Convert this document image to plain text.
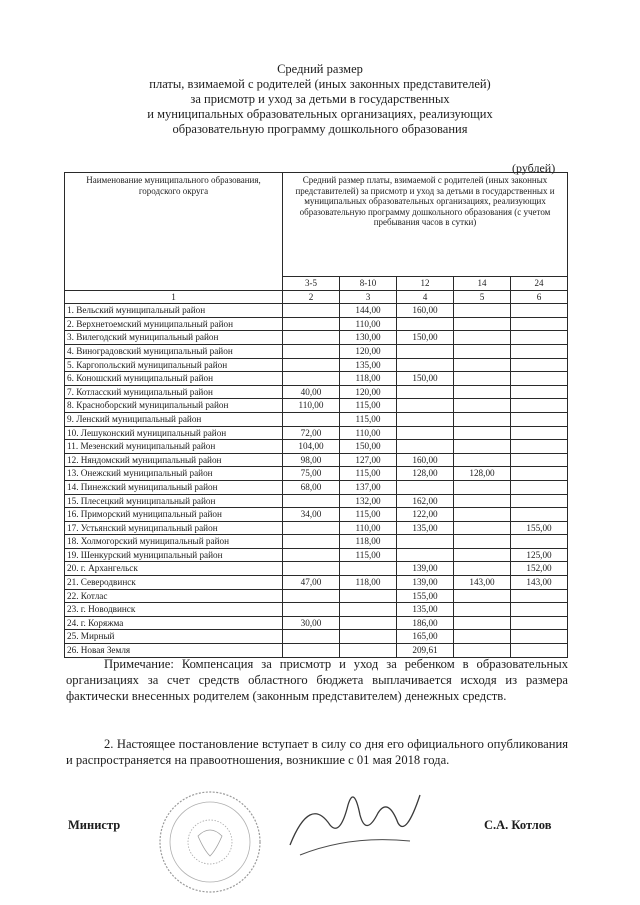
Средний размер
платы, взимаемой с родителей (иных законных представителей)
за присмотр и уход за детьми в государственных
и муниципальных образовательных организациях, реализующих
образовательную программу дошкольного образования
(рублей)
Наименование муниципального образования, городского округа	Средний размер платы, взимаемой с родителей (иных законных представителей) за присмотр и уход за детьми в государственных и муниципальных образовательных организациях, реализующих образовательную программу дошкольного образования (с учетом пребывания часов в сутки)				
	3-5	8-10	12	14	24
1	2	3	4	5	6
1. Вельский муниципальный район		144,00	160,00		
2. Верхнетоемский муниципальный район		110,00			
3. Вилегодский муниципальный район		130,00	150,00		
4. Виноградовский муниципальный район		120,00			
5. Каргопольский муниципальный район		135,00			
6. Коношский муниципальный район		118,00	150,00		
7. Котласский муниципальный район	40,00	120,00			
8. Красноборский муниципальный район	110,00	115,00			
9. Ленский муниципальный район		115,00			
10. Лешуконский муниципальный район	72,00	110,00			
11. Мезенский муниципальный район	104,00	150,00			
12. Няндомский муниципальный район	98,00	127,00	160,00		
13. Онежский муниципальный район	75,00	115,00	128,00	128,00	
14. Пинежский муниципальный район	68,00	137,00			
15. Плесецкий муниципальный район		132,00	162,00		
16. Приморский муниципальный район	34,00	115,00	122,00		
17. Устьянский муниципальный район		110,00	135,00		155,00
18. Холмогорский муниципальный район		118,00			
19. Шенкурский муниципальный район		115,00			125,00
20. г. Архангельск			139,00		152,00
21. Северодвинск	47,00	118,00	139,00	143,00	143,00
22. Котлас			155,00		
23. г. Новодвинск			135,00		
24. г. Коряжма	30,00		186,00		
25. Мирный			165,00		
26. Новая Земля			209,61		
Примечание: Компенсация за присмотр и уход за ребенком в образовательных организациях за счет средств областного бюджета выплачивается исходя из размера фактически внесенных родителем (законным представителем) денежных средств.
2. Настоящее постановление вступает в силу со дня его официального опубликования и распространяется на правоотношения, возникшие с 01 мая 2018 года.
Министр	С.А. Котлов
